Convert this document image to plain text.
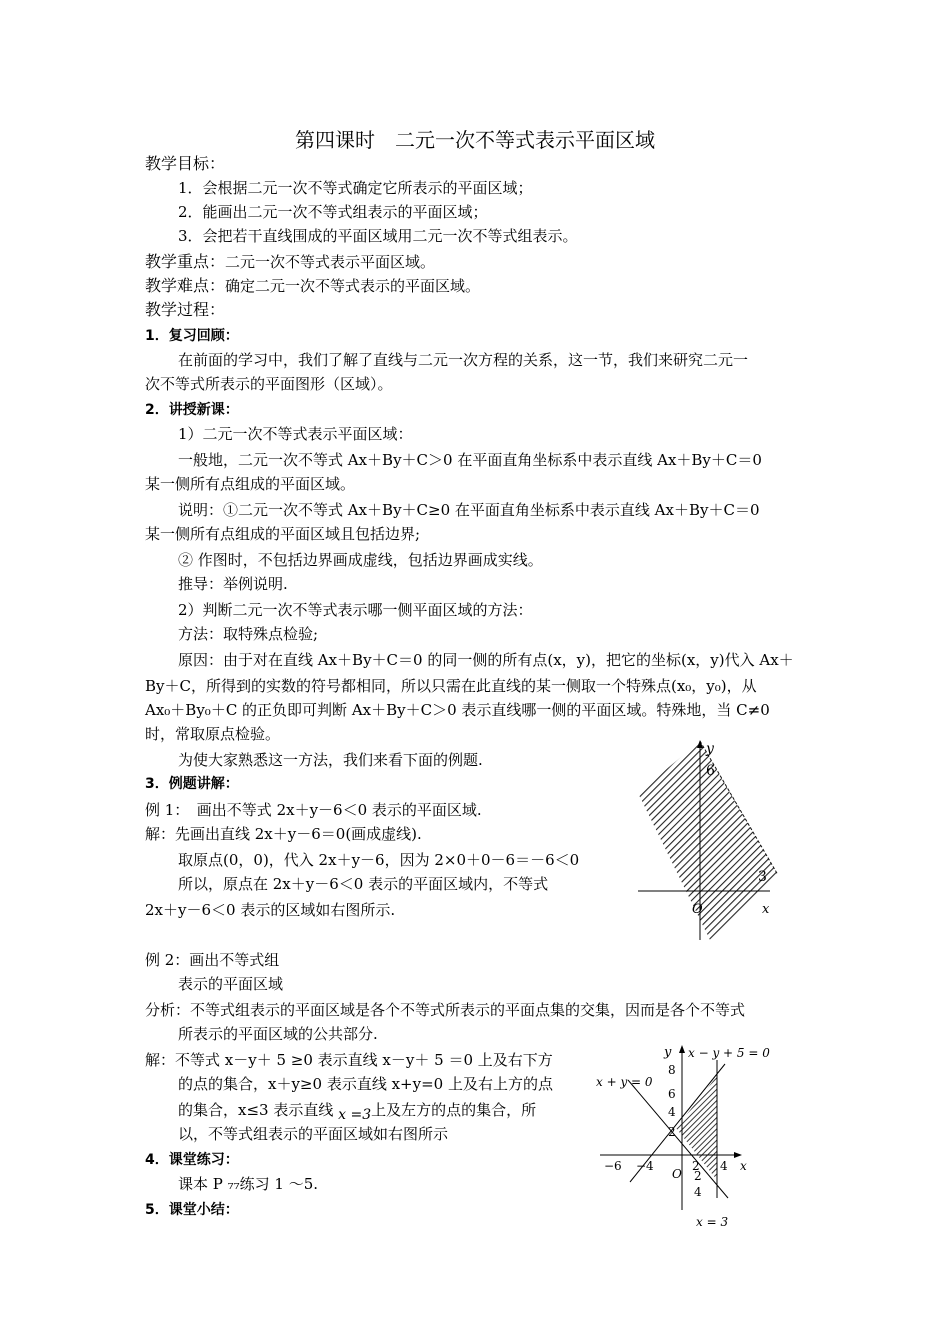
第四课时　二元一次不等式表示平面区域
教学目标：
1．会根据二元一次不等式确定它所表示的平面区域；
2．能画出二元一次不等式组表示的平面区域；
3．会把若干直线围成的平面区域用二元一次不等式组表示。
教学重点：二元一次不等式表示平面区域。
教学难点：确定二元一次不等式表示的平面区域。
教学过程：
1．复习回顾：
在前面的学习中，我们了解了直线与二元一次方程的关系，这一节，我们来研究二元一
次不等式所表示的平面图形（区域）。
2．讲授新课：
1）二元一次不等式表示平面区域：
一般地，二元一次不等式 Ax＋By＋C＞0 在平面直角坐标系中表示直线 Ax＋By＋C＝0
某一侧所有点组成的平面区域。
说明：①二元一次不等式 Ax＋By＋C≥0 在平面直角坐标系中表示直线 Ax＋By＋C＝0
某一侧所有点组成的平面区域且包括边界;
② 作图时，不包括边界画成虚线，包括边界画成实线。
推导：举例说明.
2）判断二元一次不等式表示哪一侧平面区域的方法：
方法：取特殊点检验;
原因：由于对在直线 Ax＋By＋C＝0 的同一侧的所有点(x，y)，把它的坐标(x，y)代入 Ax＋
By＋C，所得到的实数的符号都相同，所以只需在此直线的某一侧取一个特殊点(x₀，y₀)，从
Ax₀＋By₀＋C 的正负即可判断 Ax＋By＋C＞0 表示直线哪一侧的平面区域。特殊地，当 C≠0
时，常取原点检验。
为使大家熟悉这一方法，我们来看下面的例题.
3．例题讲解：
例 1：　画出不等式 2x＋y－6＜0 表示的平面区域.
解：先画出直线 2x＋y－6＝0(画成虚线).
取原点(0，0)，代入 2x＋y－6，因为 2×0＋0－6＝－6＜0
所以，原点在 2x＋y－6＜0 表示的平面区域内，不等式
2x＋y－6＜0 表示的区域如右图所示.
例 2：画出不等式组
表示的平面区域
分析：不等式组表示的平面区域是各个不等式所表示的平面点集的交集，因而是各个不等式
所表示的平面区域的公共部分.
解：不等式 x－y＋ 5 ≥0 表示直线 x－y＋ 5 ＝0 上及右下方
的点的集合，x＋y≥0 表示直线 x+y=0 上及右上方的点
的集合，x≤3 表示直线 x =3上及左方的点的集合，所
以，不等式组表示的平面区域如右图所示
4．课堂练习：
课本 P ₇₇练习 1 ～5.
5．课堂小结：
y
6
3
x
O
y x − y + 5 = 0
x + y = 0
x = 3
8
6
4
2
−6 −4	2 4
2
4
x
O
